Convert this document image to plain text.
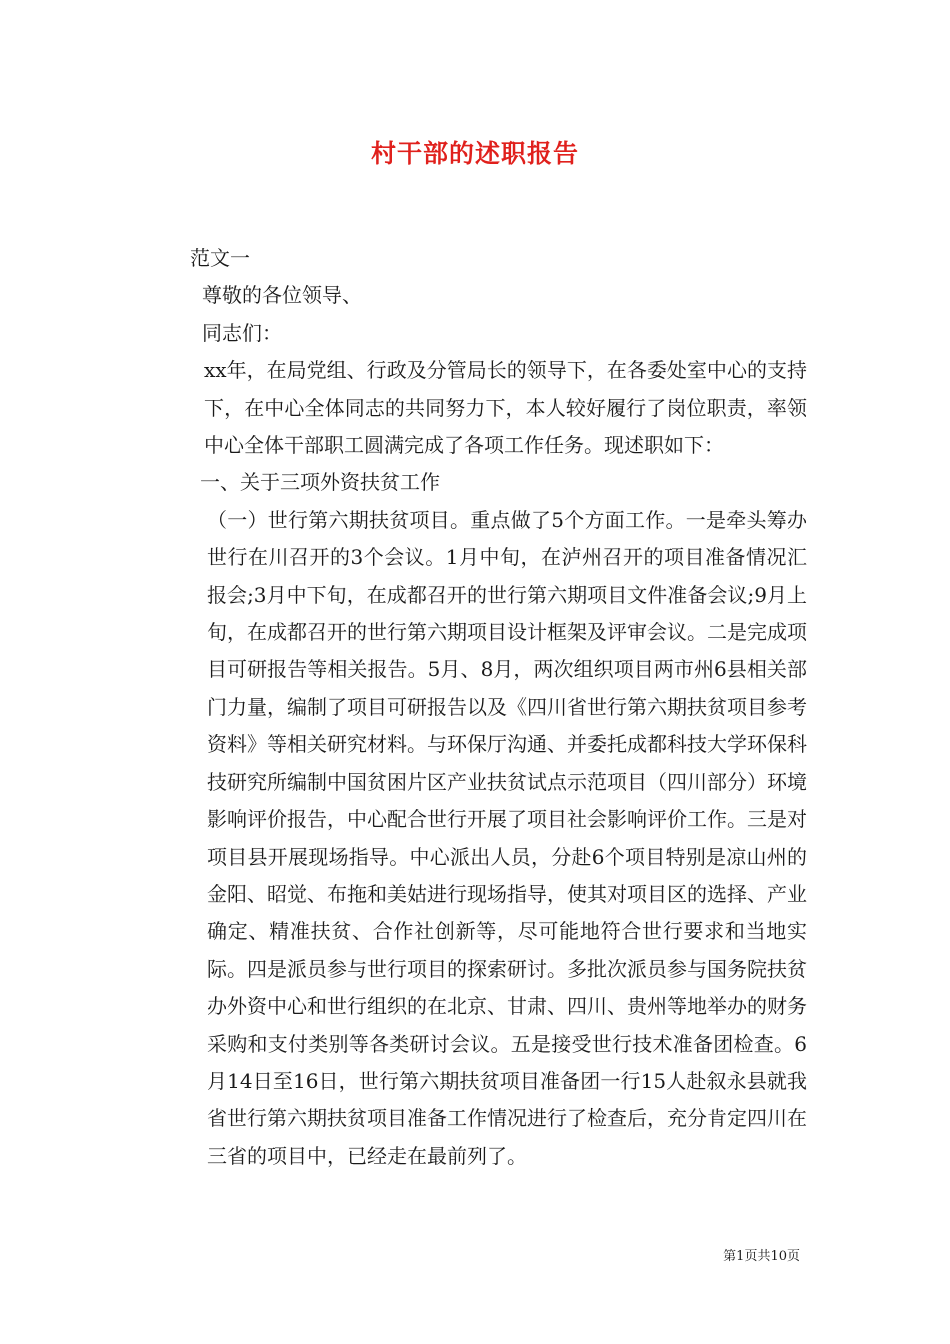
村干部的述职报告

范文一

尊敬的各位领导、

同志们：

xx年，在局党组、行政及分管局长的领导下，在各委处室中心的支持下，在中心全体同志的共同努力下，本人较好履行了岗位职责，率领中心全体干部职工圆满完成了各项工作任务。现述职如下：

一、关于三项外资扶贫工作

（一）世行第六期扶贫项目。重点做了5个方面工作。一是牵头筹办世行在川召开的3个会议。1月中旬，在泸州召开的项目准备情况汇报会;3月中下旬，在成都召开的世行第六期项目文件准备会议;9月上旬，在成都召开的世行第六期项目设计框架及评审会议。二是完成项目可研报告等相关报告。5月、8月，两次组织项目两市州6县相关部门力量，编制了项目可研报告以及《四川省世行第六期扶贫项目参考资料》等相关研究材料。与环保厅沟通、并委托成都科技大学环保科技研究所编制中国贫困片区产业扶贫试点示范项目（四川部分）环境影响评价报告，中心配合世行开展了项目社会影响评价工作。三是对项目县开展现场指导。中心派出人员，分赴6个项目特别是凉山州的金阳、昭觉、布拖和美姑进行现场指导，使其对项目区的选择、产业确定、精准扶贫、合作社创新等，尽可能地符合世行要求和当地实际。四是派员参与世行项目的探索研讨。多批次派员参与国务院扶贫办外资中心和世行组织的在北京、甘肃、四川、贵州等地举办的财务采购和支付类别等各类研讨会议。五是接受世行技术准备团检查。6月14日至16日，世行第六期扶贫项目准备团一行15人赴叙永县就我省世行第六期扶贫项目准备工作情况进行了检查后，充分肯定四川在三省的项目中，已经走在最前列了。

第1页共10页
